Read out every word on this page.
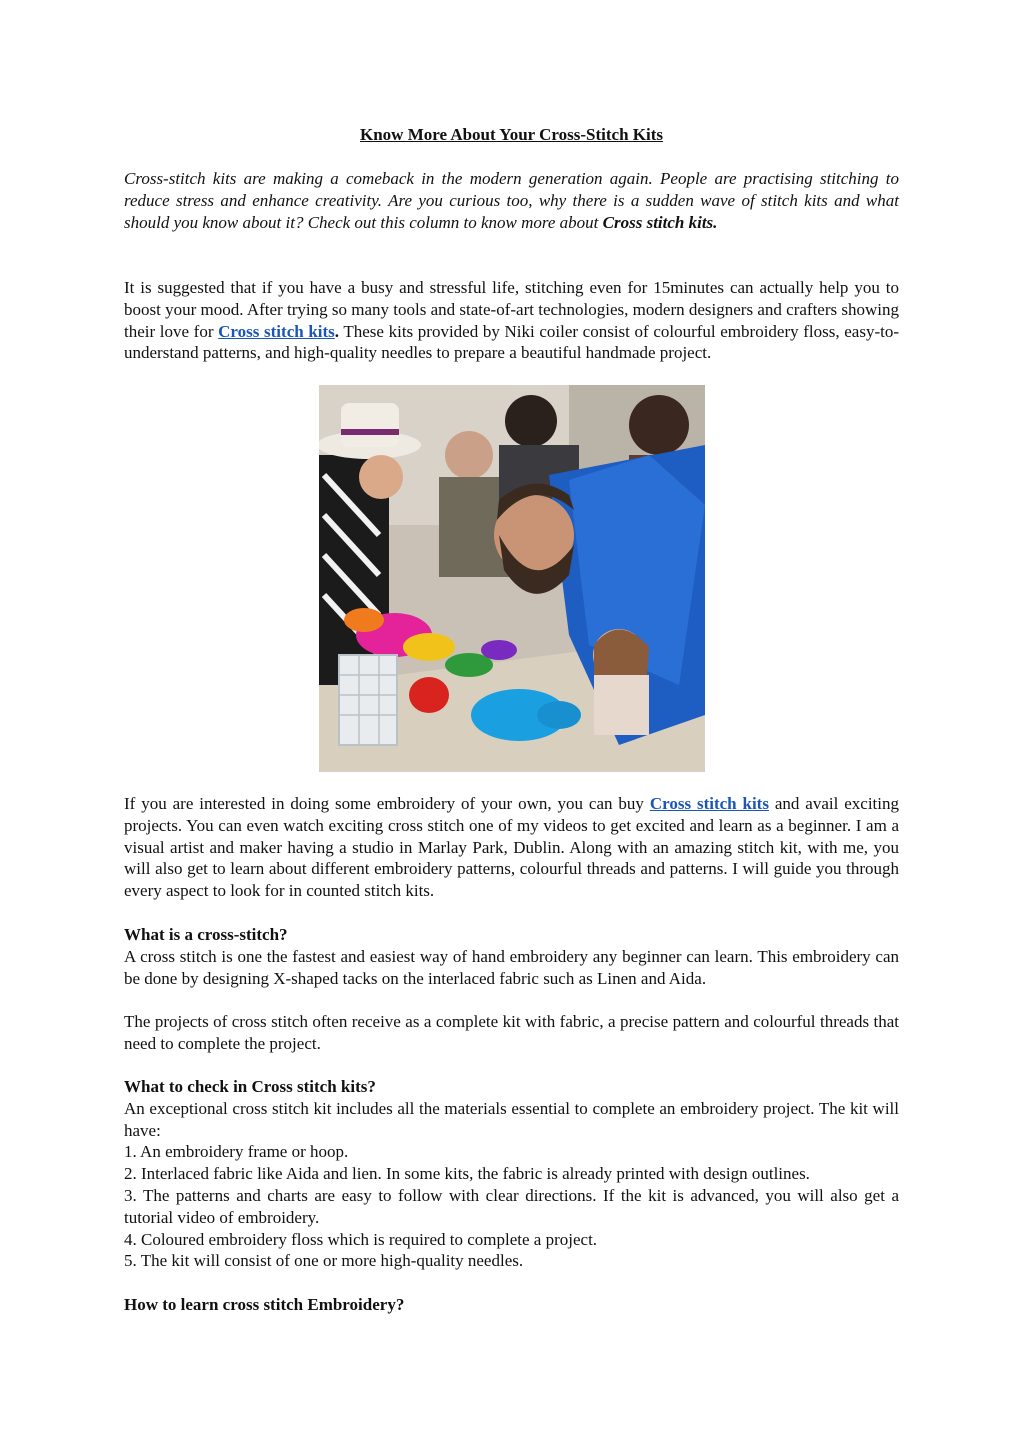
Know More About Your Cross-Stitch Kits

Cross-stitch kits are making a comeback in the modern generation again. People are practising stitching to reduce stress and enhance creativity. Are you curious too, why there is a sudden wave of stitch kits and what should you know about it? Check out this column to know more about Cross stitch kits.

It is suggested that if you have a busy and stressful life, stitching even for 15minutes can actually help you to boost your mood. After trying so many tools and state-of-art technologies, modern designers and crafters showing their love for Cross stitch kits. These kits provided by Niki coiler consist of colourful embroidery floss, easy-to-understand patterns, and high-quality needles to prepare a beautiful handmade project.

If you are interested in doing some embroidery of your own, you can buy Cross stitch kits and avail exciting projects. You can even watch exciting cross stitch one of my videos to get excited and learn as a beginner. I am a visual artist and maker having a studio in Marlay Park, Dublin. Along with an amazing stitch kit, with me, you will also get to learn about different embroidery patterns, colourful threads and patterns. I will guide you through every aspect to look for in counted stitch kits.

What is a cross-stitch?
A cross stitch is one the fastest and easiest way of hand embroidery any beginner can learn. This embroidery can be done by designing X-shaped tacks on the interlaced fabric such as Linen and Aida.

The projects of cross stitch often receive as a complete kit with fabric, a precise pattern and colourful threads that need to complete the project.

What to check in Cross stitch kits?
An exceptional cross stitch kit includes all the materials essential to complete an embroidery project. The kit will have:
1. An embroidery frame or hoop.
2. Interlaced fabric like Aida and lien. In some kits, the fabric is already printed with design outlines.
3. The patterns and charts are easy to follow with clear directions. If the kit is advanced, you will also get a tutorial video of embroidery.
4. Coloured embroidery floss which is required to complete a project.
5. The kit will consist of one or more high-quality needles.

How to learn cross stitch Embroidery?
